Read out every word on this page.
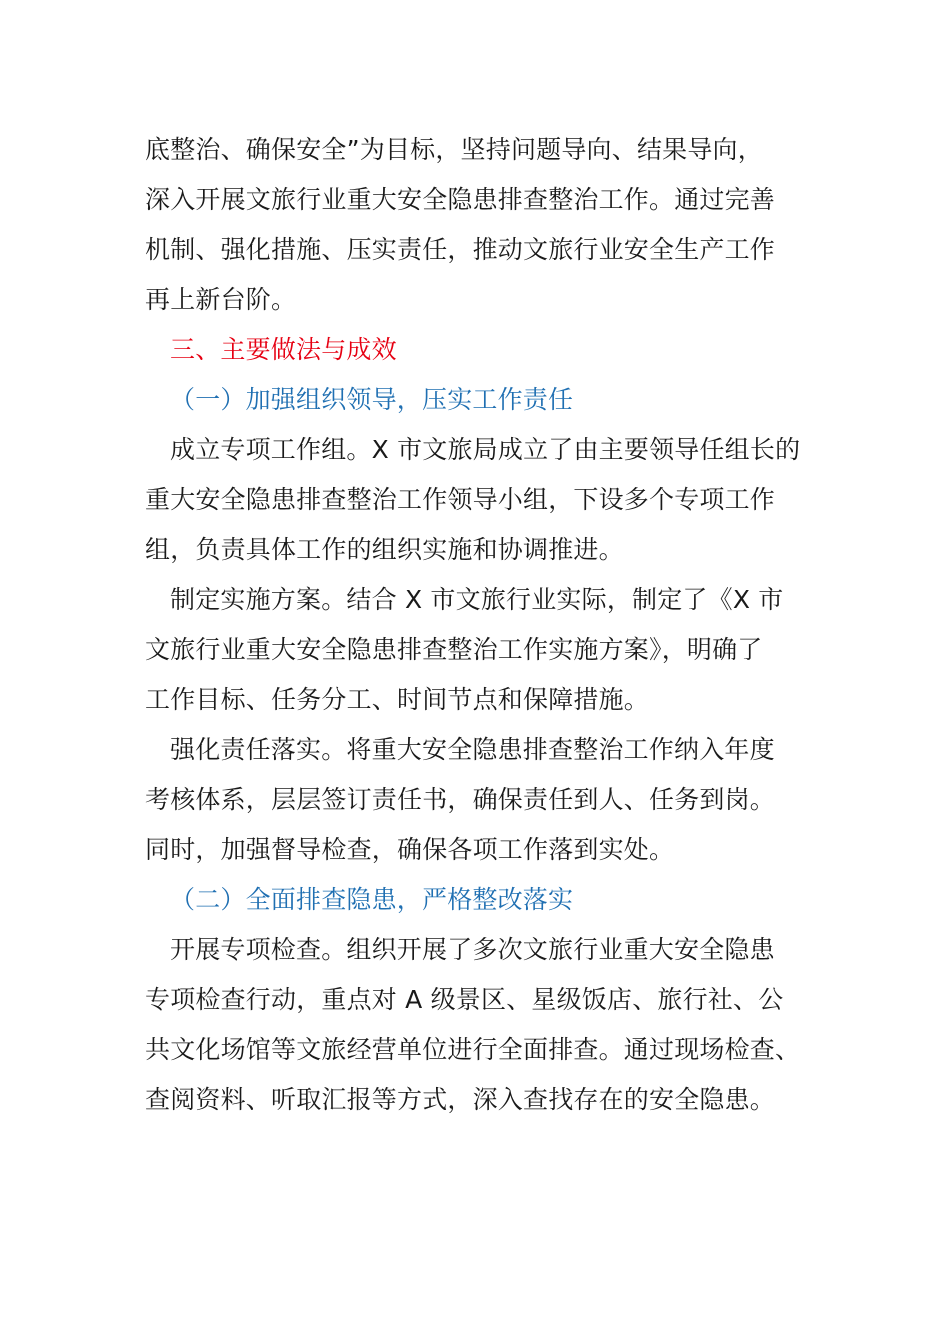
底整治、确保安全”为目标，坚持问题导向、结果导向，
深入开展文旅行业重大安全隐患排查整治工作。通过完善
机制、强化措施、压实责任，推动文旅行业安全生产工作
再上新台阶。
三、主要做法与成效
（一）加强组织领导，压实工作责任
成立专项工作组。X 市文旅局成立了由主要领导任组长的
重大安全隐患排查整治工作领导小组，下设多个专项工作
组，负责具体工作的组织实施和协调推进。
制定实施方案。结合 X 市文旅行业实际，制定了《X 市
文旅行业重大安全隐患排查整治工作实施方案》，明确了
工作目标、任务分工、时间节点和保障措施。
强化责任落实。将重大安全隐患排查整治工作纳入年度
考核体系，层层签订责任书，确保责任到人、任务到岗。
同时，加强督导检查，确保各项工作落到实处。
（二）全面排查隐患，严格整改落实
开展专项检查。组织开展了多次文旅行业重大安全隐患
专项检查行动，重点对 A 级景区、星级饭店、旅行社、公
共文化场馆等文旅经营单位进行全面排查。通过现场检查、
查阅资料、听取汇报等方式，深入查找存在的安全隐患。
